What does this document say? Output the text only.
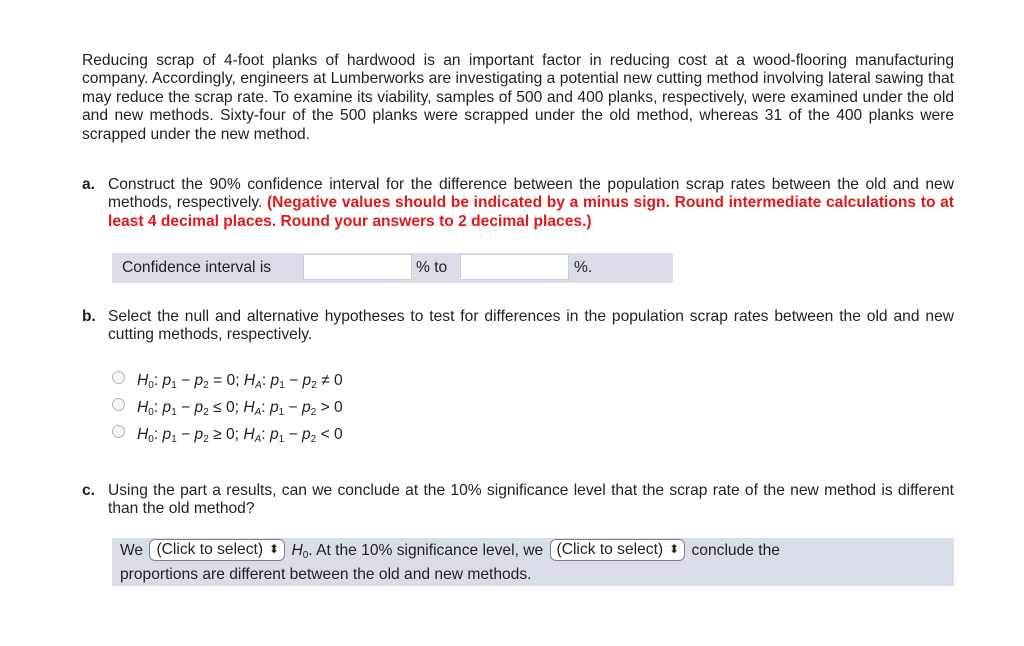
Reducing scrap of 4-foot planks of hardwood is an important factor in reducing cost at a wood-flooring manufacturing company. Accordingly, engineers at Lumberworks are investigating a potential new cutting method involving lateral sawing that may reduce the scrap rate. To examine its viability, samples of 500 and 400 planks, respectively, were examined under the old and new methods. Sixty-four of the 500 planks were scrapped under the old method, whereas 31 of the 400 planks were scrapped under the new method.
a. Construct the 90% confidence interval for the difference between the population scrap rates between the old and new methods, respectively. (Negative values should be indicated by a minus sign. Round intermediate calculations to at least 4 decimal places. Round your answers to 2 decimal places.)
Confidence interval is	% to	%.
b. Select the null and alternative hypotheses to test for differences in the population scrap rates between the old and new cutting methods, respectively.
$H_0$: $p_1 - p_2 = 0$; $H_A$: $p_1 - p_2 \ne 0$
$H_0$: $p_1 - p_2 \le 0$; $H_A$: $p_1 - p_2 > 0$
$H_0$: $p_1 - p_2 \ge 0$; $H_A$: $p_1 - p_2 < 0$
c. Using the part a results, can we conclude at the 10% significance level that the scrap rate of the new method is different than the old method?
We (Click to select) ⬍ $H_0$. At the 10% significance level, we (Click to select) ⬍ conclude the
proportions are different between the old and new methods.
